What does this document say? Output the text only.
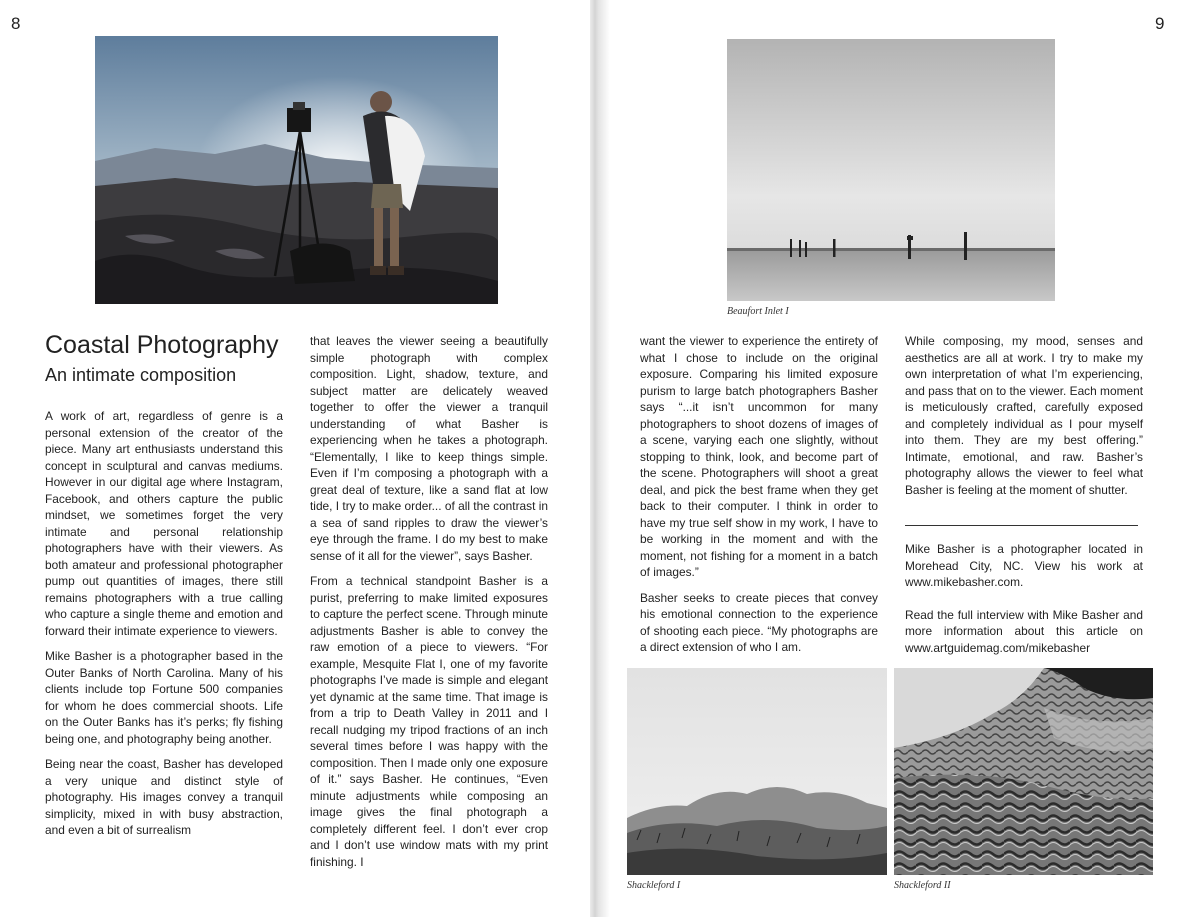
8
Coastal Photography
An intimate composition

A work of art, regardless of genre is a personal extension of the creator of the piece. Many art enthusiasts understand this concept in sculptural and canvas mediums. However in our digital age where Instagram, Facebook, and others capture the public mindset, we sometimes forget the very intimate and personal relationship photographers have with their viewers. As both amateur and professional photographer pump out quantities of images, there still remains photographers with a true calling who capture a single theme and emotion and forward their intimate experience to viewers.

Mike Basher is a photographer based in the Outer Banks of North Carolina. Many of his clients include top Fortune 500 companies for whom he does commercial shoots. Life on the Outer Banks has it’s perks; fly fishing being one, and photography being another.

Being near the coast, Basher has developed a very unique and distinct style of photography. His images convey a tranquil simplicity, mixed in with busy abstraction, and even a bit of surrealism

that leaves the viewer seeing a beautifully simple photograph with complex composition. Light, shadow, texture, and subject matter are delicately weaved together to offer the viewer a tranquil understanding of what Basher is experiencing when he takes a photograph. “Elementally, I like to keep things simple. Even if I’m composing a photograph with a great deal of texture, like a sand flat at low tide, I try to make order... of all the contrast in a sea of sand ripples to draw the viewer’s eye through the frame. I do my best to make sense of it all for the viewer”, says Basher.

From a technical standpoint Basher is a purist, preferring to make limited exposures to capture the perfect scene. Through minute adjustments Basher is able to convey the raw emotion of a piece to viewers. “For example, Mesquite Flat I, one of my favorite photographs I’ve made is simple and elegant yet dynamic at the same time. That image is from a trip to Death Valley in 2011 and I recall nudging my tripod fractions of an inch several times before I was happy with the composition. Then I made only one exposure of it.” says Basher. He continues, “Even minute adjustments while composing an image gives the final photograph a completely different feel. I don’t ever crop and I don’t use window mats with my print finishing. I

9
Beaufort Inlet I

want the viewer to experience the entirety of what I chose to include on the original exposure. Comparing his limited exposure purism to large batch photographers Basher says “...it isn’t uncommon for many photographers to shoot dozens of images of a scene, varying each one slightly, without stopping to think, look, and become part of the scene. Photographers will shoot a great deal, and pick the best frame when they get back to their computer. I think in order to have my true self show in my work, I have to be working in the moment and with the moment, not fishing for a moment in a batch of images.”

Basher seeks to create pieces that convey his emotional connection to the experience of shooting each piece. “My photographs are a direct extension of who I am.

While composing, my mood, senses and aesthetics are all at work. I try to make my own interpretation of what I’m experiencing, and pass that on to the viewer. Each moment is meticulously crafted, carefully exposed and completely individual as I pour myself into them. They are my best offering.” Intimate, emotional, and raw. Basher’s photography allows the viewer to feel what Basher is feeling at the moment of shutter.

Mike Basher is a photographer located in Morehead City, NC. View his work at www.mikebasher.com.

Read the full interview with Mike Basher and more information about this article on www.artguidemag.com/mikebasher

Shackleford I	Shackleford II
